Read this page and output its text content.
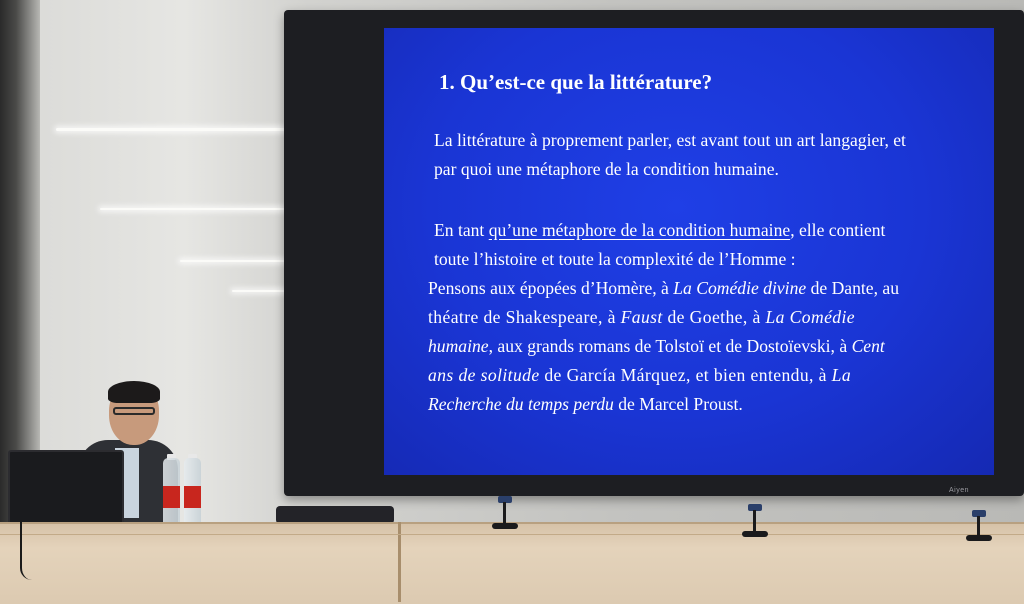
Aiyen
1. Qu’est-ce que la littérature?
La littérature à proprement parler, est avant tout un art langagier, et
par quoi une métaphore de la condition humaine.
En tant qu’une métaphore de la condition humaine, elle contient
toute l’histoire et toute la complexité de l’Homme :
Pensons aux épopées d’Homère, à La Comédie divine de Dante, au
théatre de Shakespeare, à Faust de Goethe, à La Comédie
humaine, aux grands romans de Tolstoï et de Dostoïevski, à Cent
ans de solitude de García Márquez, et bien entendu, à La
Recherche du temps perdu de Marcel Proust.
